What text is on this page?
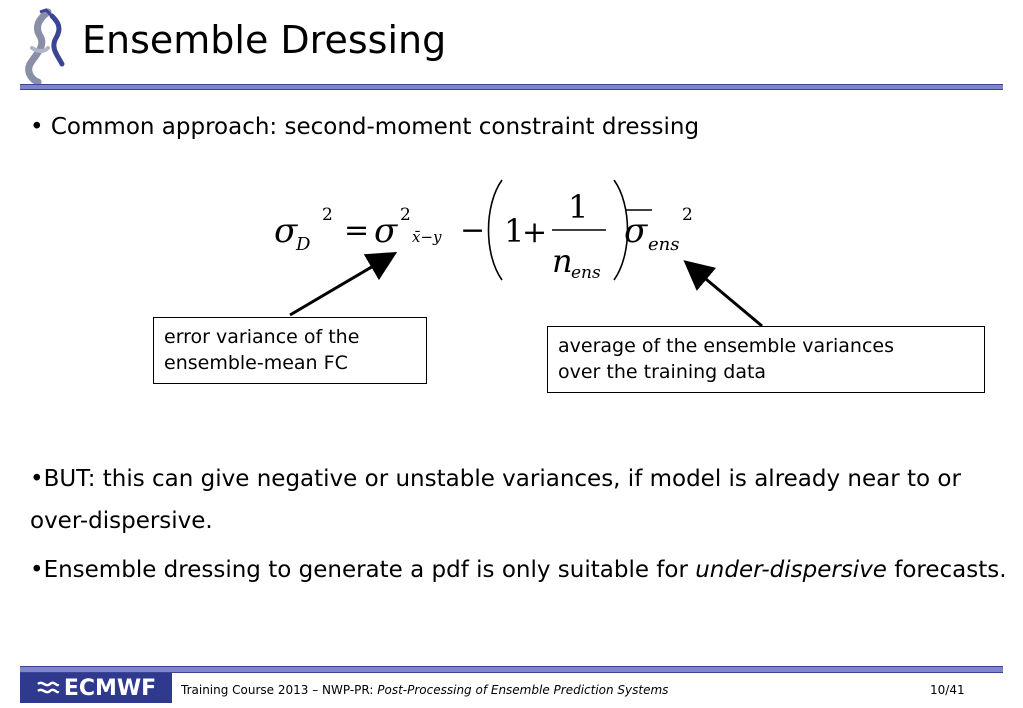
Ensemble Dressing
• Common approach: second-moment constraint dressing
σ
D
2 = σ 2
x̄−y − 1
+
1
n
ens
σ ens
2
error variance of the
ensemble-mean FC
average of the ensemble variances
over the training data
•BUT: this can give negative or unstable variances, if model is already near to or over-dispersive.
•Ensemble dressing to generate a pdf is only suitable for under-dispersive forecasts.
ECMWF Training Course 2013 – NWP-PR: Post-Processing of Ensemble Prediction Systems	10/41
